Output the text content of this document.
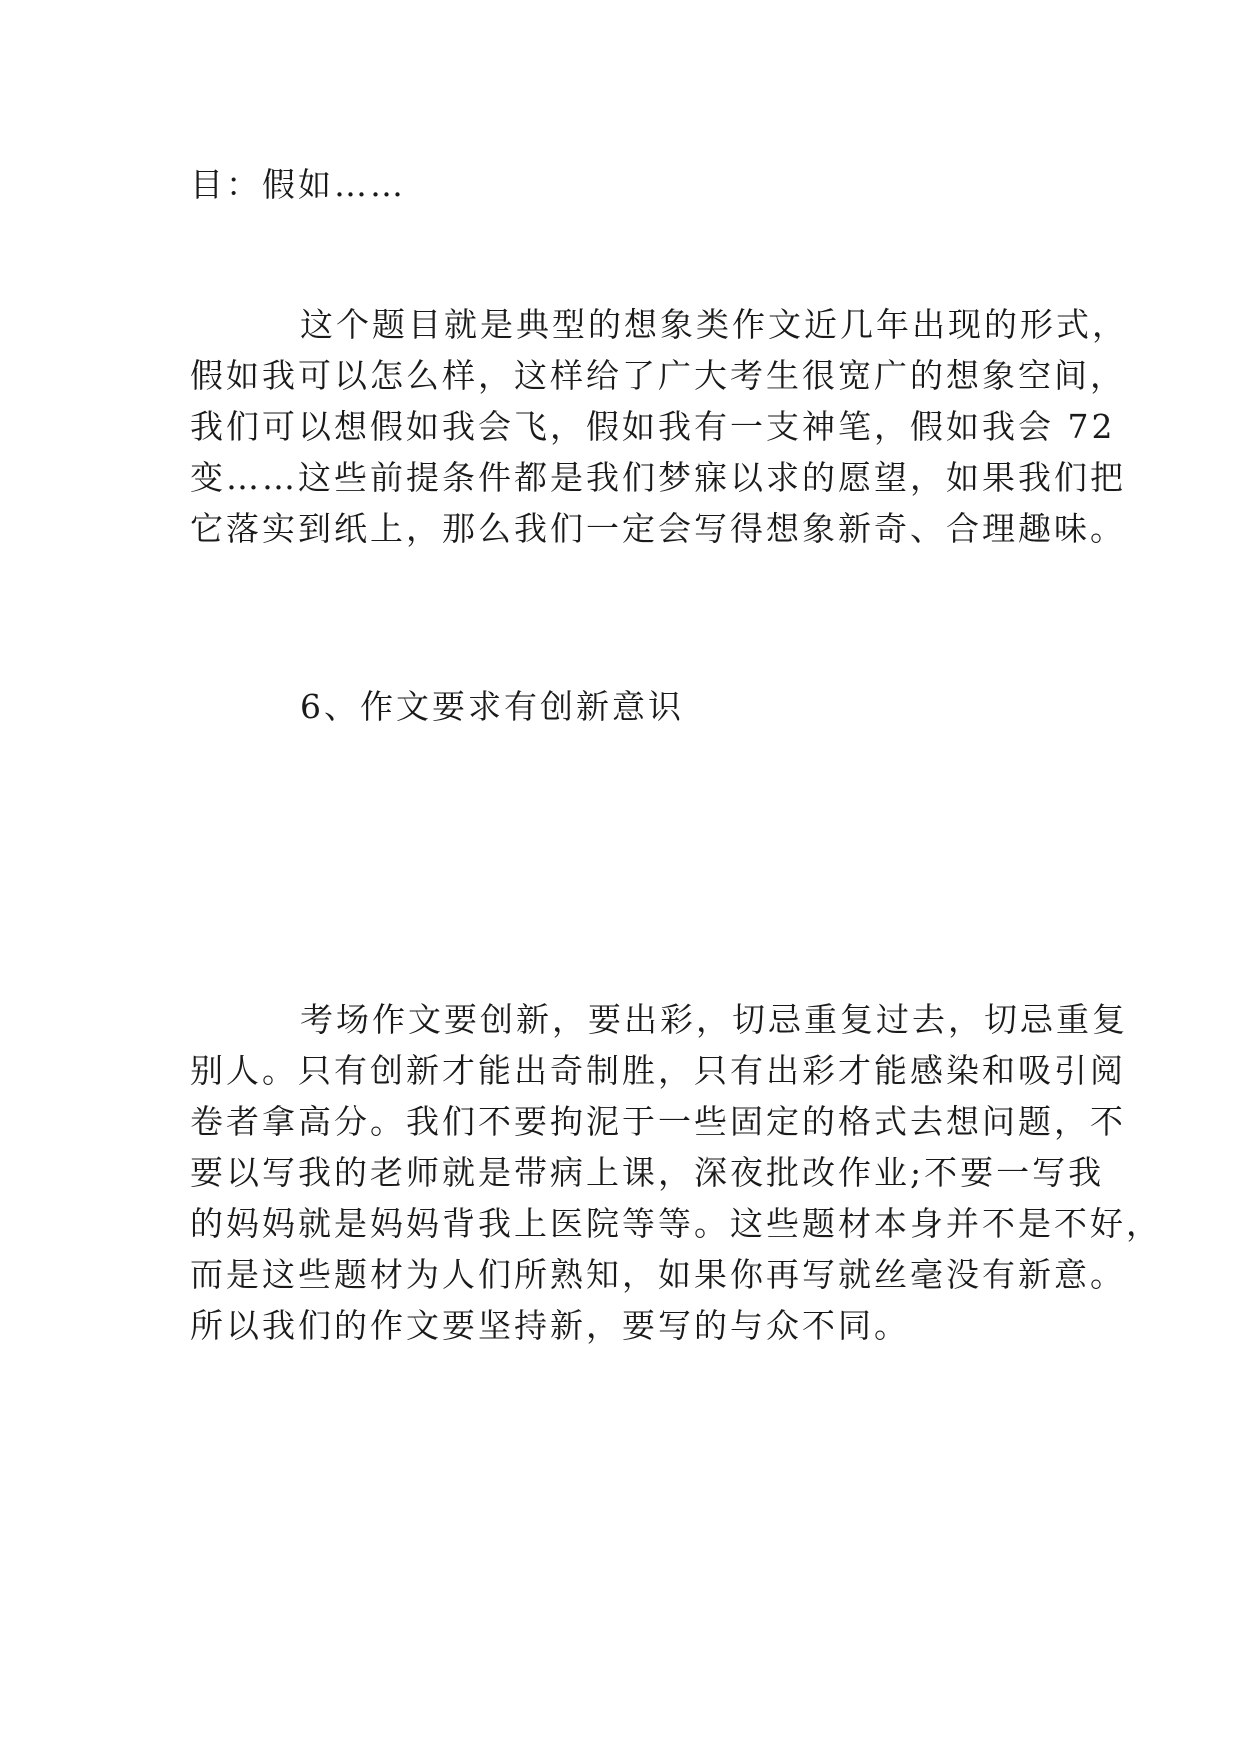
目：假如……
这个题目就是典型的想象类作文近几年出现的形式，
假如我可以怎么样，这样给了广大考生很宽广的想象空间，
我们可以想假如我会飞，假如我有一支神笔，假如我会 72
变……这些前提条件都是我们梦寐以求的愿望，如果我们把
它落实到纸上，那么我们一定会写得想象新奇、合理趣味。
6、作文要求有创新意识
考场作文要创新，要出彩，切忌重复过去，切忌重复
别人。只有创新才能出奇制胜，只有出彩才能感染和吸引阅
卷者拿高分。我们不要拘泥于一些固定的格式去想问题，不
要以写我的老师就是带病上课，深夜批改作业;不要一写我
的妈妈就是妈妈背我上医院等等。这些题材本身并不是不好，
而是这些题材为人们所熟知，如果你再写就丝毫没有新意。
所以我们的作文要坚持新，要写的与众不同。
